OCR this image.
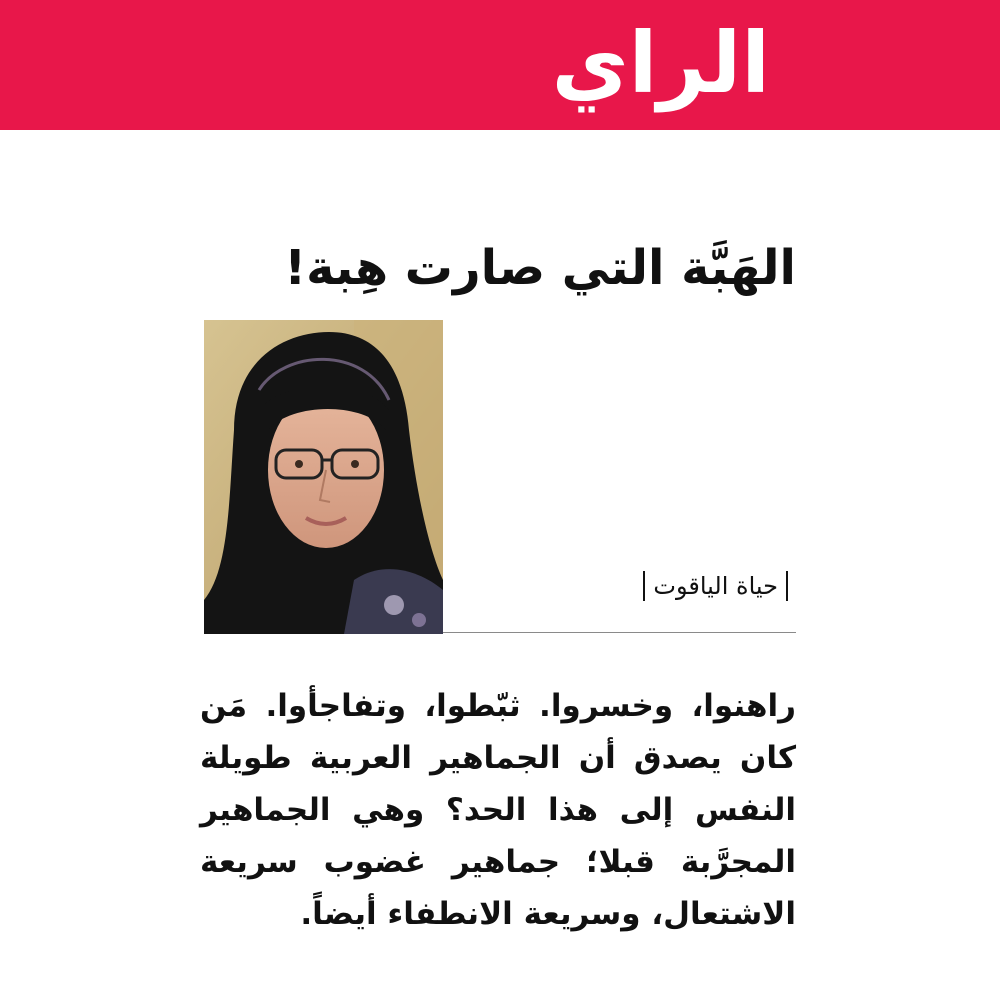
الراي
الهَبَّة التي صارت هِبة!
حياة الياقوت

راهنوا، وخسروا. ثبّطوا، وتفاجأوا. مَن كان يصدق أن الجماهير العربية طويلة النفس إلى هذا الحد؟ وهي الجماهير المجرَّبة قبلا؛ جماهير غضوب سريعة الاشتعال، وسريعة الانطفاء أيضاً.
